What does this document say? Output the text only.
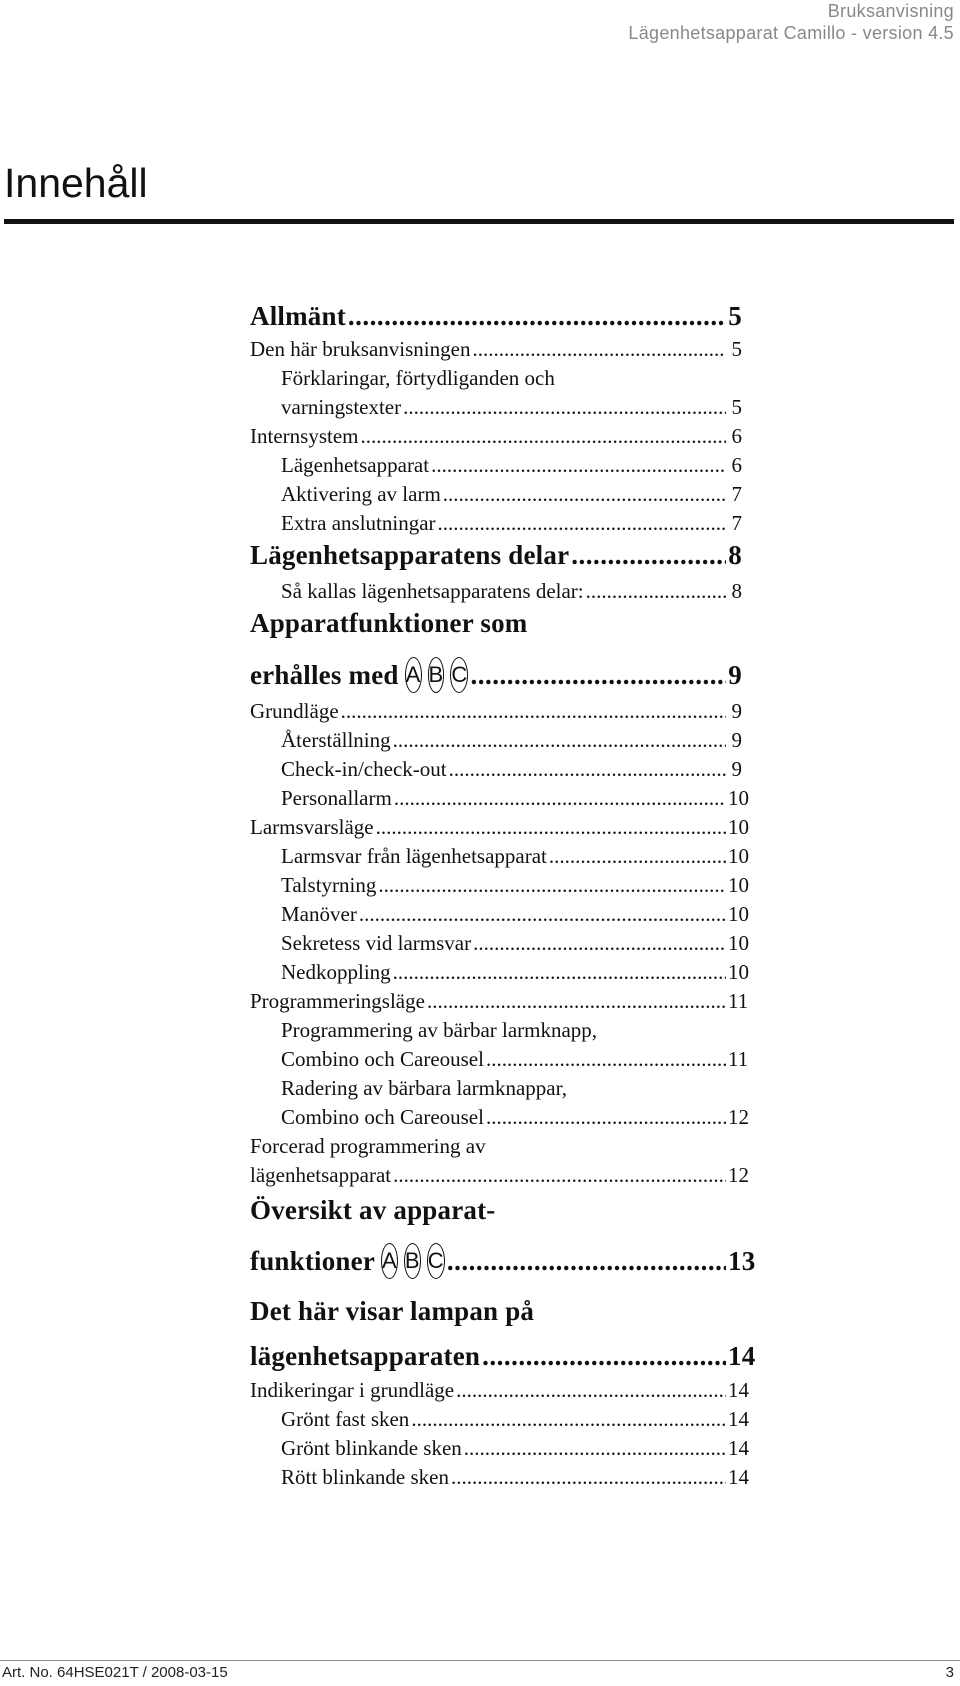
Bruksanvisning
Lägenhetsapparat Camillo - version 4.5
Innehåll
Allmänt .....	5
Den här bruksanvisningen .....	5
Förklaringar, förtydliganden och
varningstexter .....	5
Internsystem .....	6
Lägenhetsapparat .....	6
Aktivering av larm .....	7
Extra anslutningar .....	7
Lägenhetsapparatens delar .....	8
Så kallas lägenhetsapparatens delar: .....	8
Apparatfunktioner som
erhålles med A B C .....	9
Grundläge .....	9
Återställning .....	9
Check-in/check-out .....	9
Personallarm .....	10
Larmsvarsläge .....	10
Larmsvar från lägenhetsapparat .....	10
Talstyrning .....	10
Manöver .....	10
Sekretess vid larmsvar .....	10
Nedkoppling .....	10
Programmeringsläge .....	11
Programmering av bärbar larmknapp,
Combino och Careousel .....	11
Radering av bärbara larmknappar,
Combino och Careousel .....	12
Forcerad programmering av
lägenhetsapparat .....	12
Översikt av apparat-
funktioner A B C .....	13
Det här visar lampan på
lägenhetsapparaten .....	14
Indikeringar i grundläge .....	14
Grönt fast sken .....	14
Grönt blinkande sken .....	14
Rött blinkande sken .....	14
Art. No. 64HSE021T / 2008-03-15	3
